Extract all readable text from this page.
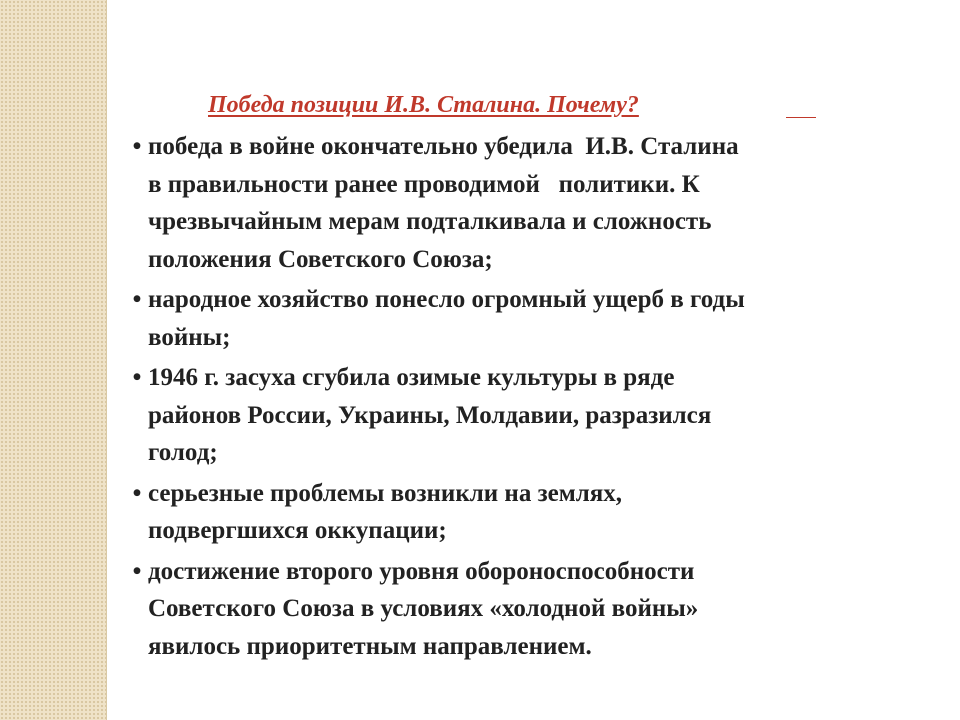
Победа позиции И.В. Сталина. Почему?
• победа в войне окончательно убедила  И.В. Сталина
в правильности ранее проводимой   политики. К
чрезвычайным мерам подталкивала и сложность
положения Советского Союза;
• народное хозяйство понесло огромный ущерб в годы
войны;
• 1946 г. засуха сгубила озимые культуры в ряде
районов России, Украины, Молдавии, разразился
голод;
• серьезные проблемы возникли на землях,
подвергшихся оккупации;
• достижение второго уровня обороноспособности
Советского Союза в условиях «холодной войны»
явилось приоритетным направлением.
